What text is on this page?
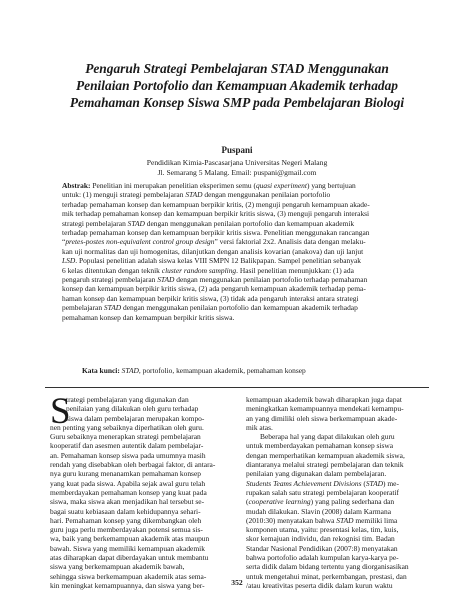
Pengaruh Strategi Pembelajaran STAD Menggunakan
Penilaian Portofolio dan Kemampuan Akademik terhadap
Pemahaman Konsep Siswa SMP pada Pembelajaran Biologi
Puspani
Pendidikan Kimia-Pascasarjana Universitas Negeri Malang
Jl. Semarang 5 Malang. Email: puspani@gmail.com
Abstrak: Penelitian ini merupakan penelitian eksperimen semu (quasi experiment) yang bertujuan
untuk: (1) menguji strategi pembelajaran STAD dengan menggunakan penilaian portofolio
terhadap pemahaman konsep dan kemampuan berpikir kritis, (2) menguji pengaruh kemampuan akade-
mik terhadap pemahaman konsep dan kemampuan berpikir kritis siswa, (3) menguji pengaruh interaksi
strategi pembelajaran STAD dengan menggunakan penilaian portofolio dan kemampuan akademik
terhadap pemahaman konsep dan kemampuan berpikir kritis siswa. Penelitian menggunakan rancangan
“pretes-postes non-equivalent control group design” versi faktorial 2x2. Analisis data dengan melaku-
kan uji normalitas dan uji homogenitas, dilanjutkan dengan analisis kovarian (anakova) dan uji lanjut
LSD. Populasi penelitian adalah siswa kelas VIII SMPN 12 Balikpapan. Sampel penelitian sebanyak
6 kelas ditentukan dengan teknik cluster random sampling. Hasil penelitian menunjukkan: (1) ada
pengaruh strategi pembelajaran STAD dengan menggunakan penilaian portofolio terhadap pemahaman
konsep dan kemampuan berpikir kritis siswa, (2) ada pengaruh kemampuan akademik terhadap pema-
haman konsep dan kemampuan berpikir kritis siswa, (3) tidak ada pengaruh interaksi antara strategi
pembelajaran STAD dengan menggunakan penilaian portofolio dan kemampuan akademik terhadap
pemahaman konsep dan kemampuan berpikir kritis siswa.
Kata kunci: STAD, portofolio, kemampuan akademik, pemahaman konsep
S
trategi pembelajaran yang digunakan dan
penilaian yang dilakukan oleh guru terhadap
siswa dalam pembelajaran merupakan kompo-
nen penting yang sebaiknya diperhatikan oleh guru.
Guru sebaiknya menerapkan strategi pembelajaran
kooperatif dan asesmen autentik dalam pembelajar-
an. Pemahaman konsep siswa pada umumnya masih
rendah yang disebabkan oleh berbagai faktor, di antara-
nya guru kurang menanamkan pemahaman konsep
yang kuat pada siswa. Apabila sejak awal guru telah
memberdayakan pemahaman konsep yang kuat pada
siswa, maka siswa akan menjadikan hal tersebut se-
bagai suatu kebiasaan dalam kehidupannya sehari-
hari. Pemahaman konsep yang dikembangkan oleh
guru juga perlu memberdayakan potensi semua sis-
wa, baik yang berkemampuan akademik atas maupun
bawah. Siswa yang memiliki kemampuan akademik
atas diharapkan dapat diberdayakan untuk membantu
siswa yang berkemampuan akademik bawah,
sehingga siswa berkemampuan akademik atas sema-
kin meningkat kemampuannya, dan siswa yang ber-
kemampuan akademik bawah diharapkan juga dapat
meningkatkan kemampuannya mendekati kemampu-
an yang dimiliki oleh siswa berkemampuan akade-
mik atas.
Beberapa hal yang dapat dilakukan oleh guru
untuk memberdayakan pemahaman konsep siswa
dengan memperhatikan kemampuan akademik siswa,
diantaranya melalui strategi pembelajaran dan teknik
penilaian yang digunakan dalam pembelajaran.
Students Teams Achievement Divisions (STAD) me-
rupakan salah satu strategi pembelajaran kooperatif
(cooperative learning) yang paling sederhana dan
mudah dilakukan. Slavin (2008) dalam Karmana
(2010:30) menyatakan bahwa STAD memiliki lima
komponen utama, yaitu: presentasi kelas, tim, kuis,
skor kemajuan individu, dan rekognisi tim. Badan
Standar Nasional Pendidikan (2007:8) menyatakan
bahwa portofolio adalah kumpulan karya-karya pe-
serta didik dalam bidang tertentu yang diorganisasikan
untuk mengetahui minat, perkembangan, prestasi, dan
/atau kreativitas peserta didik dalam kurun waktu
352
